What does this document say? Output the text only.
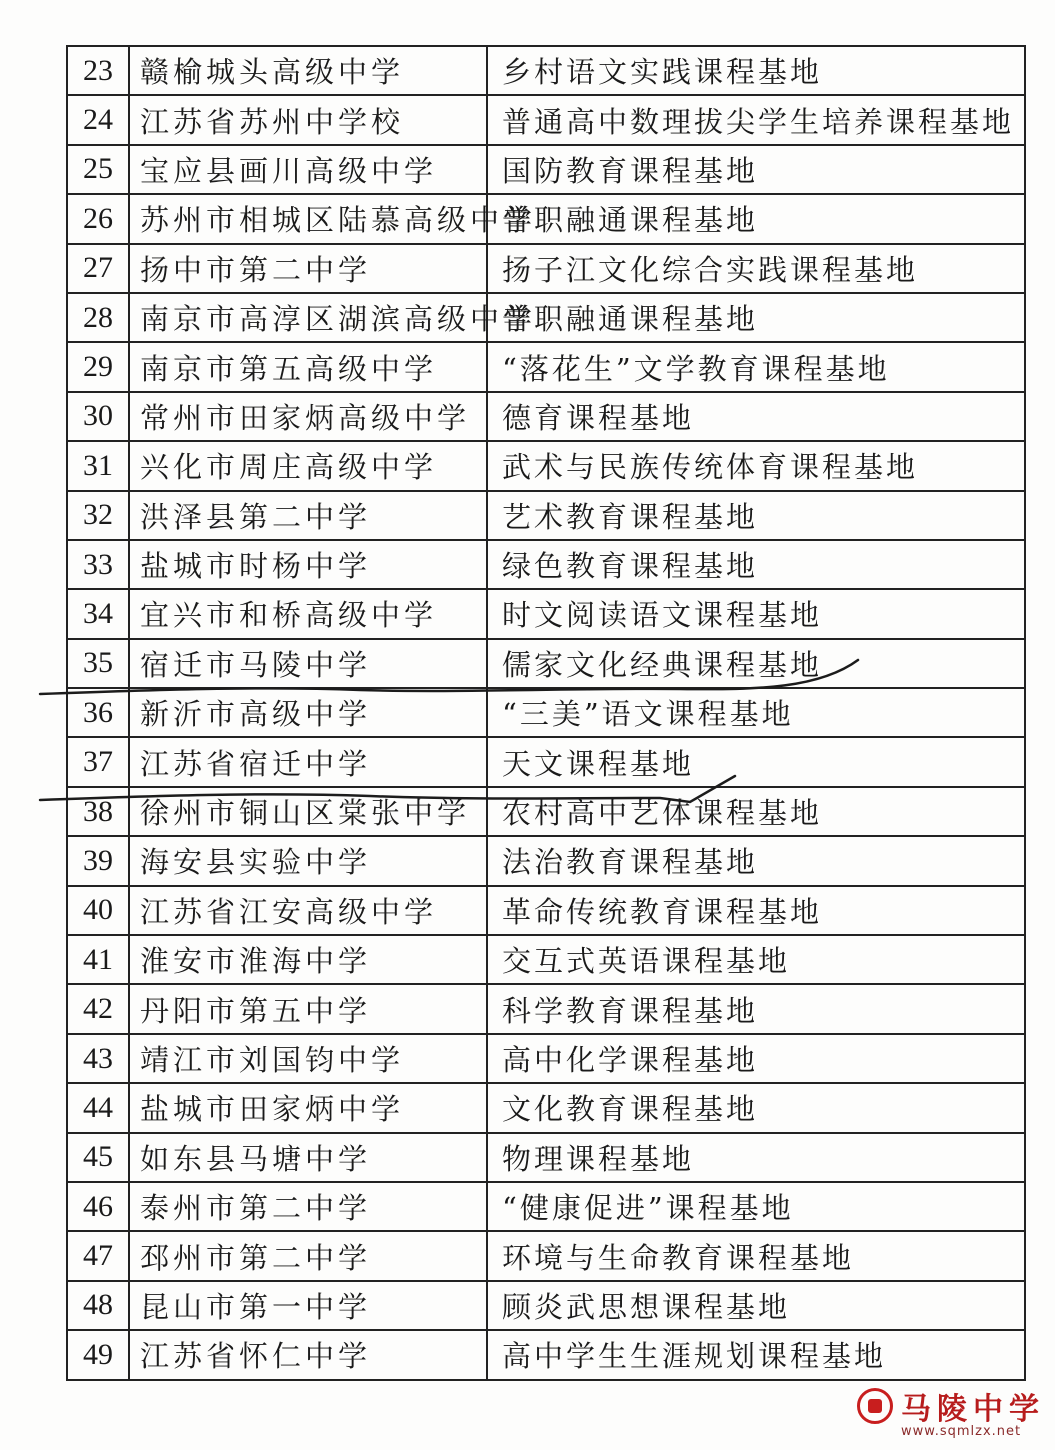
23	赣榆城头高级中学	乡村语文实践课程基地
24	江苏省苏州中学校	普通高中数理拔尖学生培养课程基地
25	宝应县画川高级中学	国防教育课程基地
26	苏州市相城区陆慕高级中学	普职融通课程基地
27	扬中市第二中学	扬子江文化综合实践课程基地
28	南京市高淳区湖滨高级中学	普职融通课程基地
29	南京市第五高级中学	“落花生”文学教育课程基地
30	常州市田家炳高级中学	德育课程基地
31	兴化市周庄高级中学	武术与民族传统体育课程基地
32	洪泽县第二中学	艺术教育课程基地
33	盐城市时杨中学	绿色教育课程基地
34	宜兴市和桥高级中学	时文阅读语文课程基地
35	宿迁市马陵中学	儒家文化经典课程基地
36	新沂市高级中学	“三美”语文课程基地
37	江苏省宿迁中学	天文课程基地
38	徐州市铜山区棠张中学	农村高中艺体课程基地
39	海安县实验中学	法治教育课程基地
40	江苏省江安高级中学	革命传统教育课程基地
41	淮安市淮海中学	交互式英语课程基地
42	丹阳市第五中学	科学教育课程基地
43	靖江市刘国钧中学	高中化学课程基地
44	盐城市田家炳中学	文化教育课程基地
45	如东县马塘中学	物理课程基地
46	泰州市第二中学	“健康促进”课程基地
47	邳州市第二中学	环境与生命教育课程基地
48	昆山市第一中学	顾炎武思想课程基地
49	江苏省怀仁中学	高中学生生涯规划课程基地
马陵中学
www.sqmlzx.net
